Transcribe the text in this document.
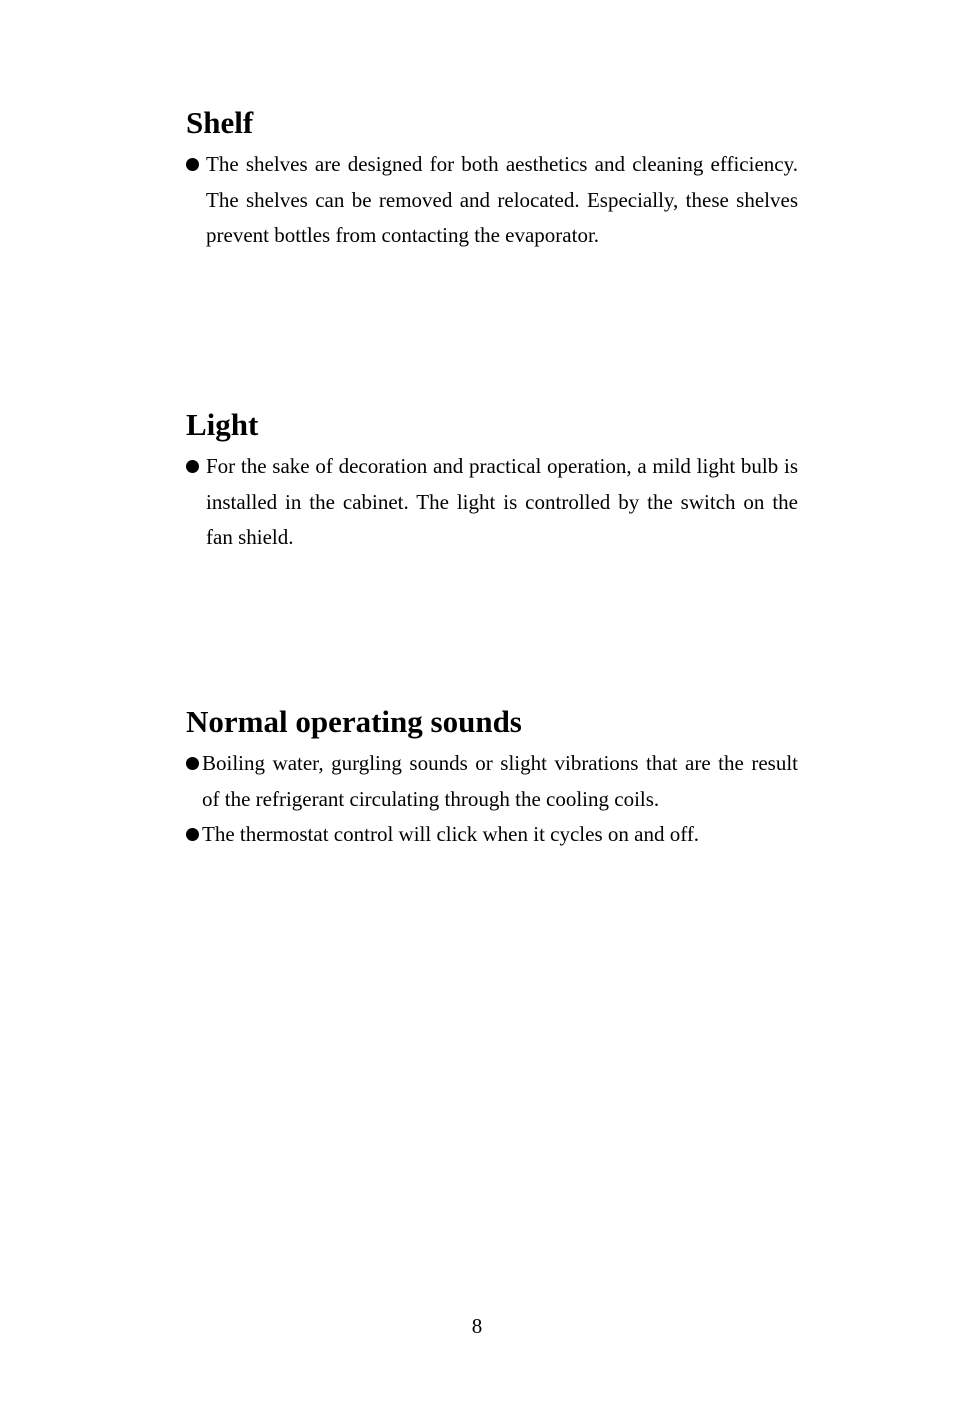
Shelf
The shelves are designed for both aesthetics and cleaning efficiency. The shelves can be removed and relocated. Especially, these shelves prevent bottles from contacting the evaporator.
Light
For the sake of decoration and practical operation, a mild light bulb is installed in the cabinet. The light is controlled by the switch on the fan shield.
Normal operating sounds
Boiling water, gurgling sounds or slight vibrations that are the result of the refrigerant circulating through the cooling coils.
The thermostat control will click when it cycles on and off.
8
